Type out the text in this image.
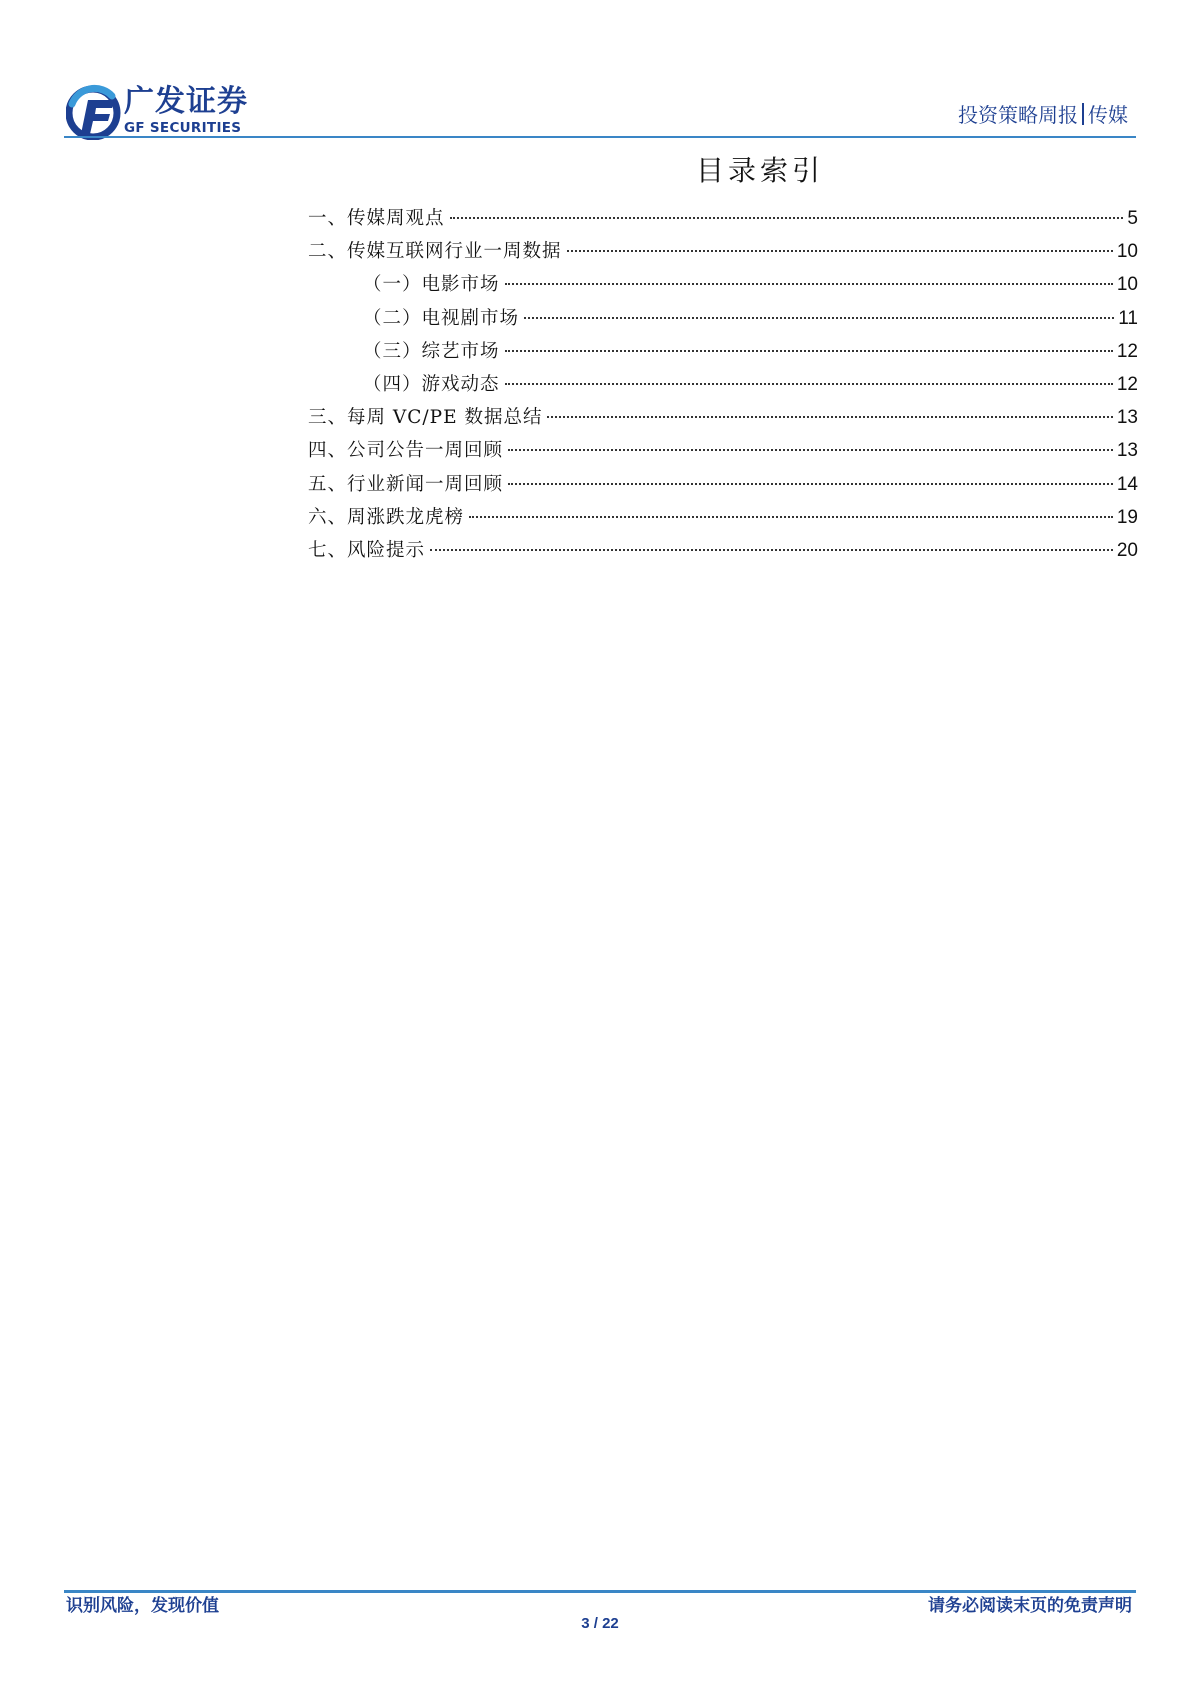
广发证券
GF SECURITIES
投资策略周报 传媒
目录索引
一、传媒周观点	5
二、传媒互联网行业一周数据	10
（一）电影市场	10
（二）电视剧市场	11
（三）综艺市场	12
（四）游戏动态	12
三、每周 VC/PE 数据总结	13
四、公司公告一周回顾	13
五、行业新闻一周回顾	14
六、周涨跌龙虎榜	19
七、风险提示	20
识别风险，发现价值	请务必阅读末页的免责声明
3 / 22
